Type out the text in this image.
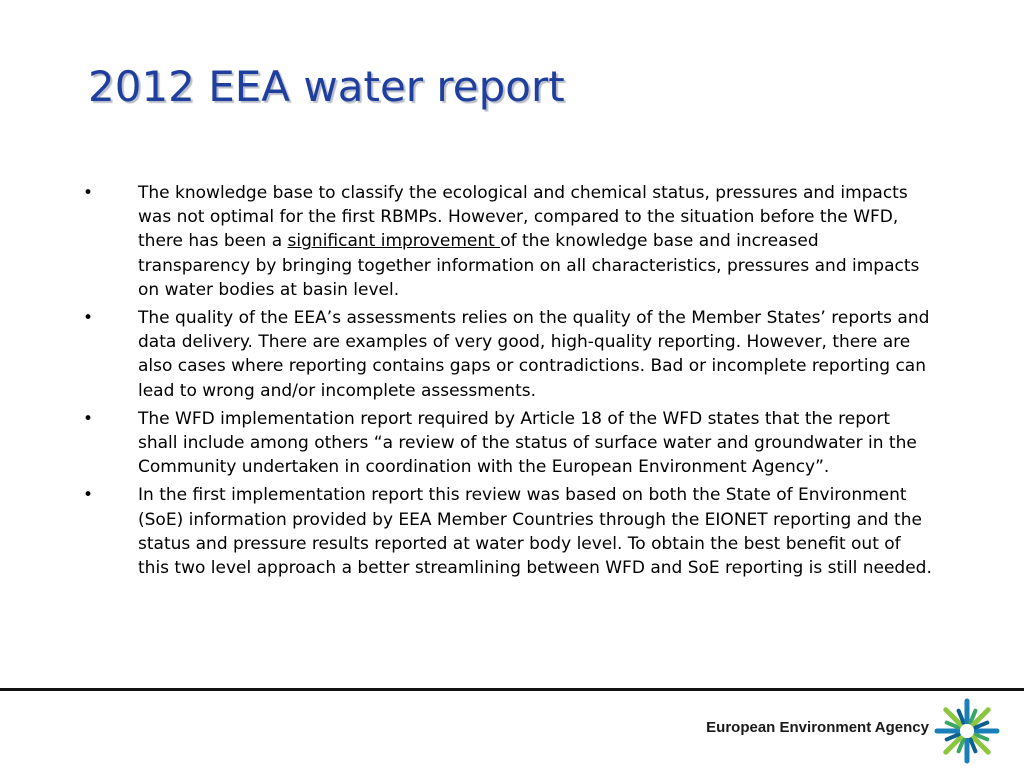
2012 EEA water report
•	The knowledge base to classify the ecological and chemical status, pressures and impacts was not optimal for the first RBMPs. However, compared to the situation before the WFD, there has been a significant improvement of the knowledge base and increased transparency by bringing together information on all characteristics, pressures and impacts on water bodies at basin level.
•	The quality of the EEA’s assessments relies on the quality of the Member States’ reports and data delivery. There are examples of very good, high-quality reporting. However, there are also cases where reporting contains gaps or contradictions. Bad or incomplete reporting can lead to wrong and/or incomplete assessments.
•	The WFD implementation report required by Article 18 of the WFD states that the report shall include among others “a review of the status of surface water and groundwater in the Community undertaken in coordination with the European Environment Agency”.
•	In the first implementation report this review was based on both the State of Environment (SoE) information provided by EEA Member Countries through the EIONET reporting and the status and pressure results reported at water body level. To obtain the best benefit out of this two level approach a better streamlining between WFD and SoE reporting is still needed.
European Environment Agency
